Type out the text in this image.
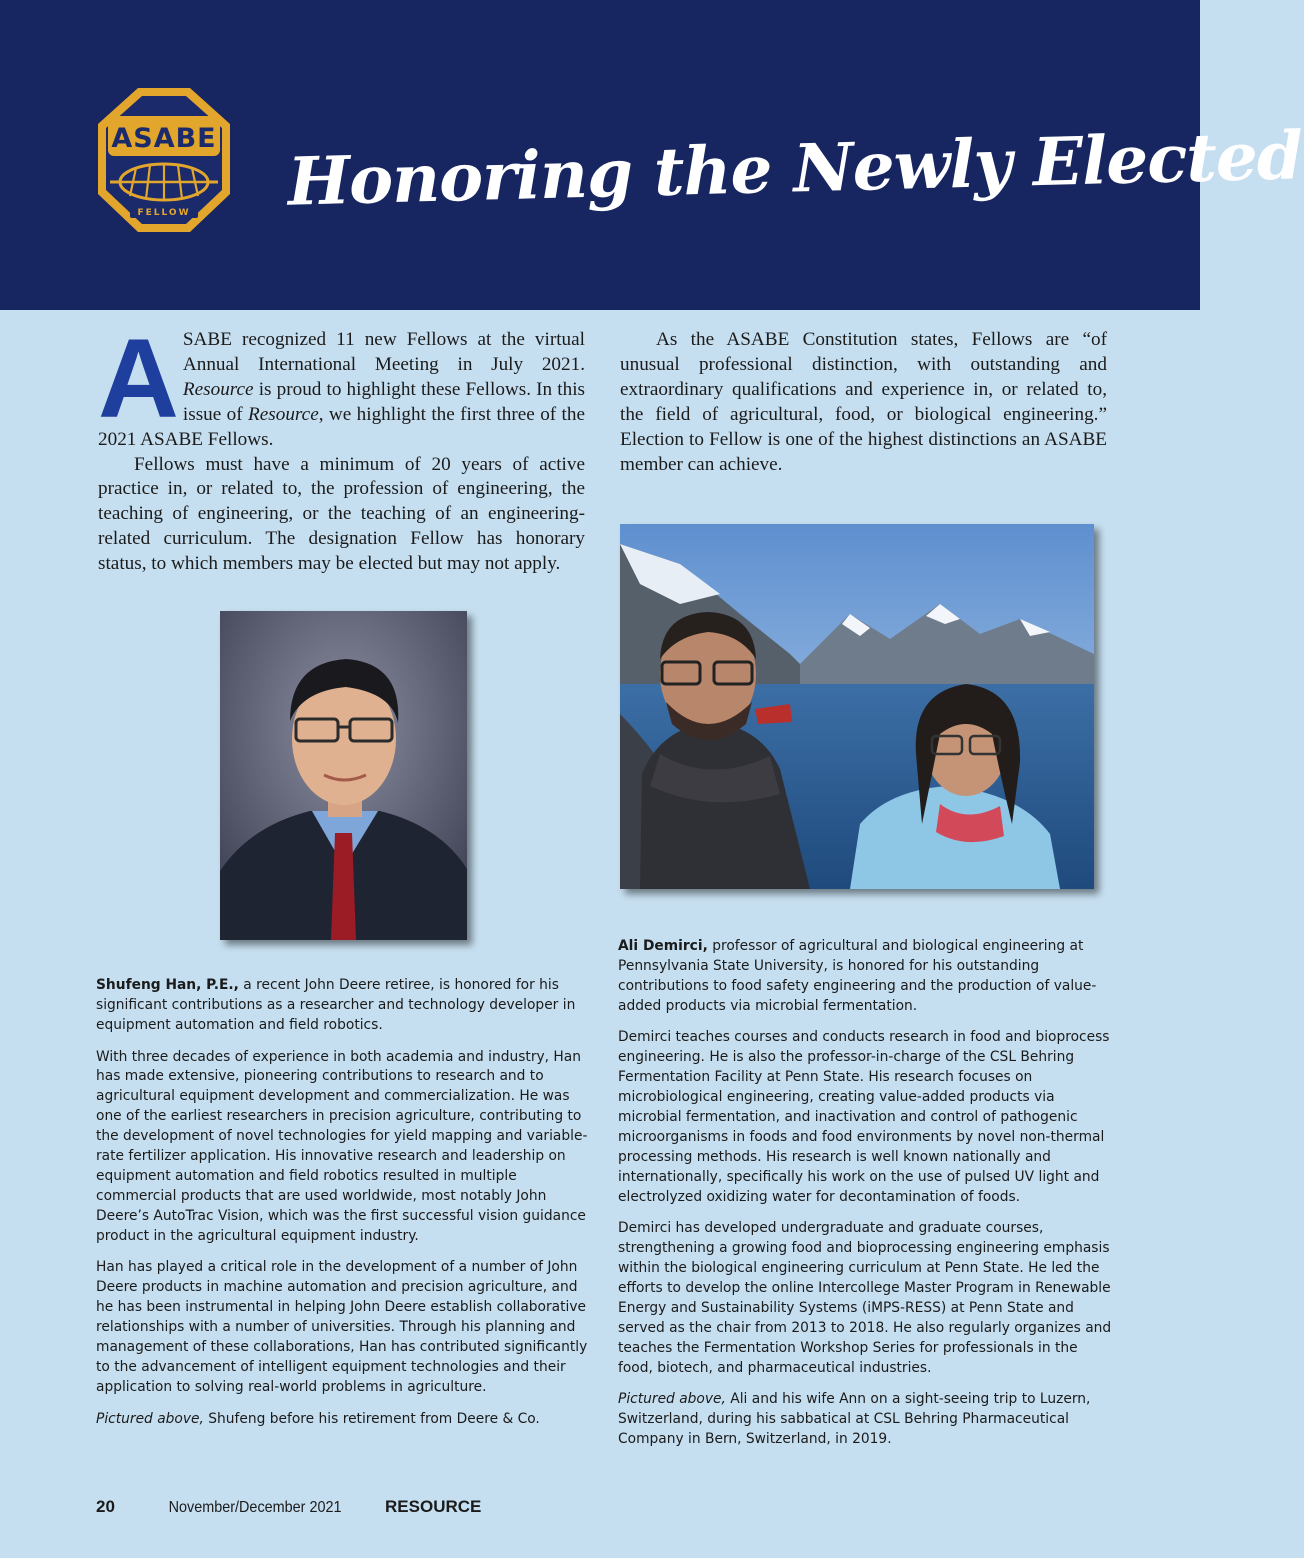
ASABE
FELLOW Honoring the Newly Elected

ASABE recognized 11 new Fellows at the virtual Annual International Meeting in July 2021. Resource is proud to highlight these Fellows. In this issue of Resource, we highlight the first three of the 2021 ASABE Fellows.

Fellows must have a minimum of 20 years of active practice in, or related to, the profession of engineering, the teaching of engineering, or the teaching of an engineering-related curriculum. The designation Fellow has honorary status, to which members may be elected but may not apply.

As the ASABE Constitution states, Fellows are “of unusual professional distinction, with outstanding and extraordinary qualifications and experience in, or related to, the field of agricultural, food, or biological engineering.” Election to Fellow is one of the highest distinctions an ASABE member can achieve.

Shufeng Han, P.E., a recent John Deere retiree, is honored for his significant contributions as a researcher and technology developer in equipment automation and field robotics.

With three decades of experience in both academia and industry, Han has made extensive, pioneering contributions to research and to agricultural equipment development and commercialization. He was one of the earliest researchers in precision agriculture, contributing to the development of novel technologies for yield mapping and variable-rate fertilizer application. His innovative research and leadership on equipment automation and field robotics resulted in multiple commercial products that are used worldwide, most notably John Deere’s AutoTrac Vision, which was the first successful vision guidance product in the agricultural equipment industry.

Han has played a critical role in the development of a number of John Deere products in machine automation and precision agriculture, and he has been instrumental in helping John Deere establish collaborative relationships with a number of universities. Through his planning and management of these collaborations, Han has contributed significantly to the advancement of intelligent equipment technologies and their application to solving real-world problems in agriculture.

Pictured above, Shufeng before his retirement from Deere & Co.

Ali Demirci, professor of agricultural and biological engineering at Pennsylvania State University, is honored for his outstanding contributions to food safety engineering and the production of value-added products via microbial fermentation.

Demirci teaches courses and conducts research in food and bioprocess engineering. He is also the professor-in-charge of the CSL Behring Fermentation Facility at Penn State. His research focuses on microbiological engineering, creating value-added products via microbial fermentation, and inactivation and control of pathogenic microorganisms in foods and food environments by novel non-thermal processing methods. His research is well known nationally and internationally, specifically his work on the use of pulsed UV light and electrolyzed oxidizing water for decontamination of foods.

Demirci has developed undergraduate and graduate courses, strengthening a growing food and bioprocessing engineering emphasis within the biological engineering curriculum at Penn State. He led the efforts to develop the online Intercollege Master Program in Renewable Energy and Sustainability Systems (iMPS-RESS) at Penn State and served as the chair from 2013 to 2018. He also regularly organizes and teaches the Fermentation Workshop Series for professionals in the food, biotech, and pharmaceutical industries.

Pictured above, Ali and his wife Ann on a sight-seeing trip to Luzern, Switzerland, during his sabbatical at CSL Behring Pharmaceutical Company in Bern, Switzerland, in 2019.

20	November/December 2021	RESOURCE
